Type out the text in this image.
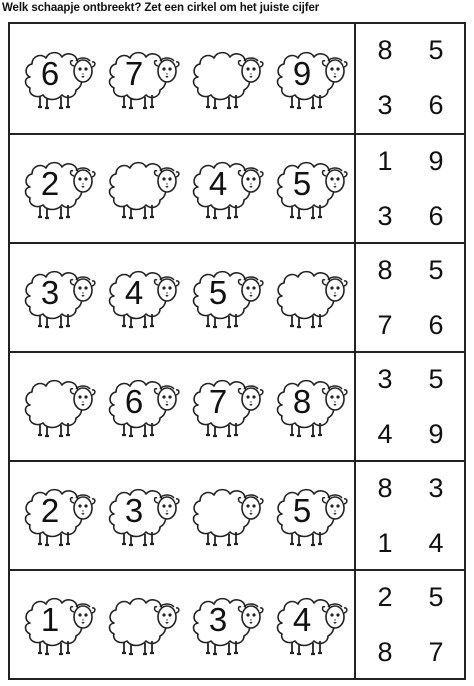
Welk schaapje ontbreekt? Zet een cirkel om het juiste cijfer
6	7	9
8 5
3 6
2	4	5
1 9
3 6
3	4	5
8 5
7 6
6	7	8
3 5
4 9
2	3	5
8 3
1 4
1	3	4
2 5
8 7
